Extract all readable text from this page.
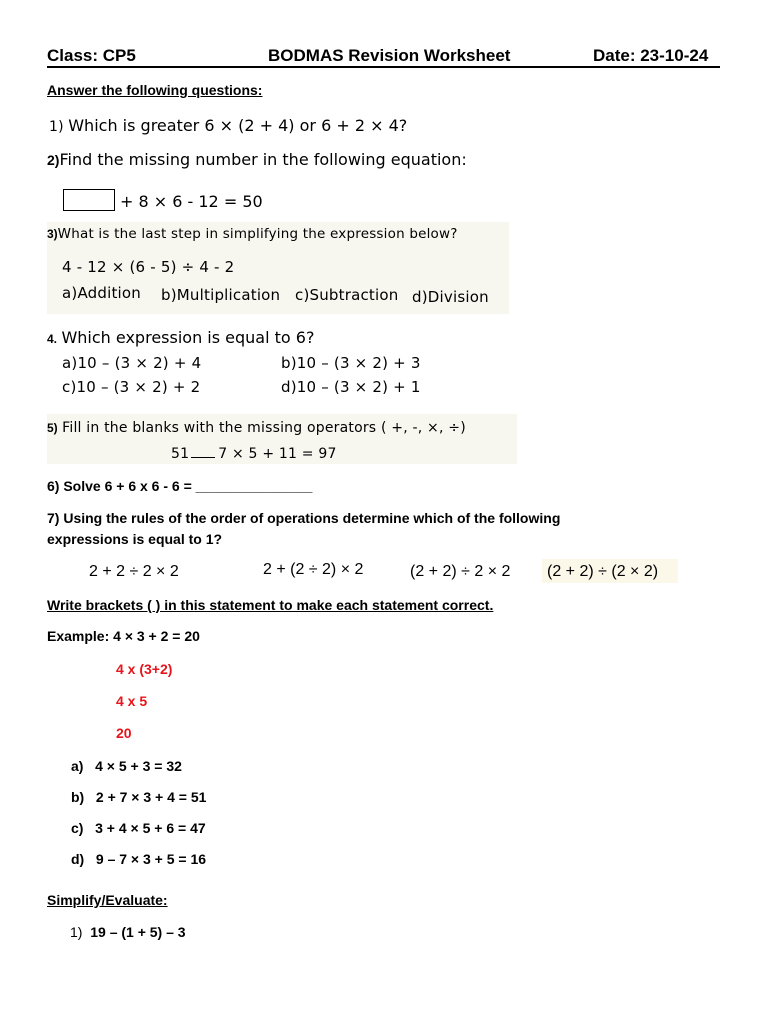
Class: CP5	BODMAS Revision Worksheet	Date: 23-10-24
Answer the following questions:
1) Which is greater 6 × (2 + 4) or 6 + 2 × 4?
2)Find the missing number in the following equation:
+ 8 × 6 - 12 = 50
3)What is the last step in simplifying the expression below?
4 - 12 × (6 - 5) ÷ 4 - 2
a)Addition b)Multiplication c)Subtraction d)Division
4. Which expression is equal to 6?
a)10 – (3 × 2) + 4	b)10 – (3 × 2) + 3
c)10 – (3 × 2) + 2	d)10 – (3 × 2) + 1
5) Fill in the blanks with the missing operators ( +, -, ×, ÷)
51 7 × 5 + 11 = 97
6) Solve 6 + 6 x 6 - 6 = _______________
7) Using the rules of the order of operations determine which of the following
expressions is equal to 1?
2 + 2 ÷ 2 × 2	2 + (2 ÷ 2) × 2	(2 + 2) ÷ 2 × 2 (2 + 2) ÷ (2 × 2)
Write brackets ( ) in this statement to make each statement correct.
Example: 4 × 3 + 2 = 20
4 x (3+2)
4 x 5
20
a) 4 × 5 + 3 = 32
b) 2 + 7 × 3 + 4 = 51
c) 3 + 4 × 5 + 6 = 47
d) 9 – 7 × 3 + 5 = 16
Simplify/Evaluate:
1) 19 – (1 + 5) – 3
